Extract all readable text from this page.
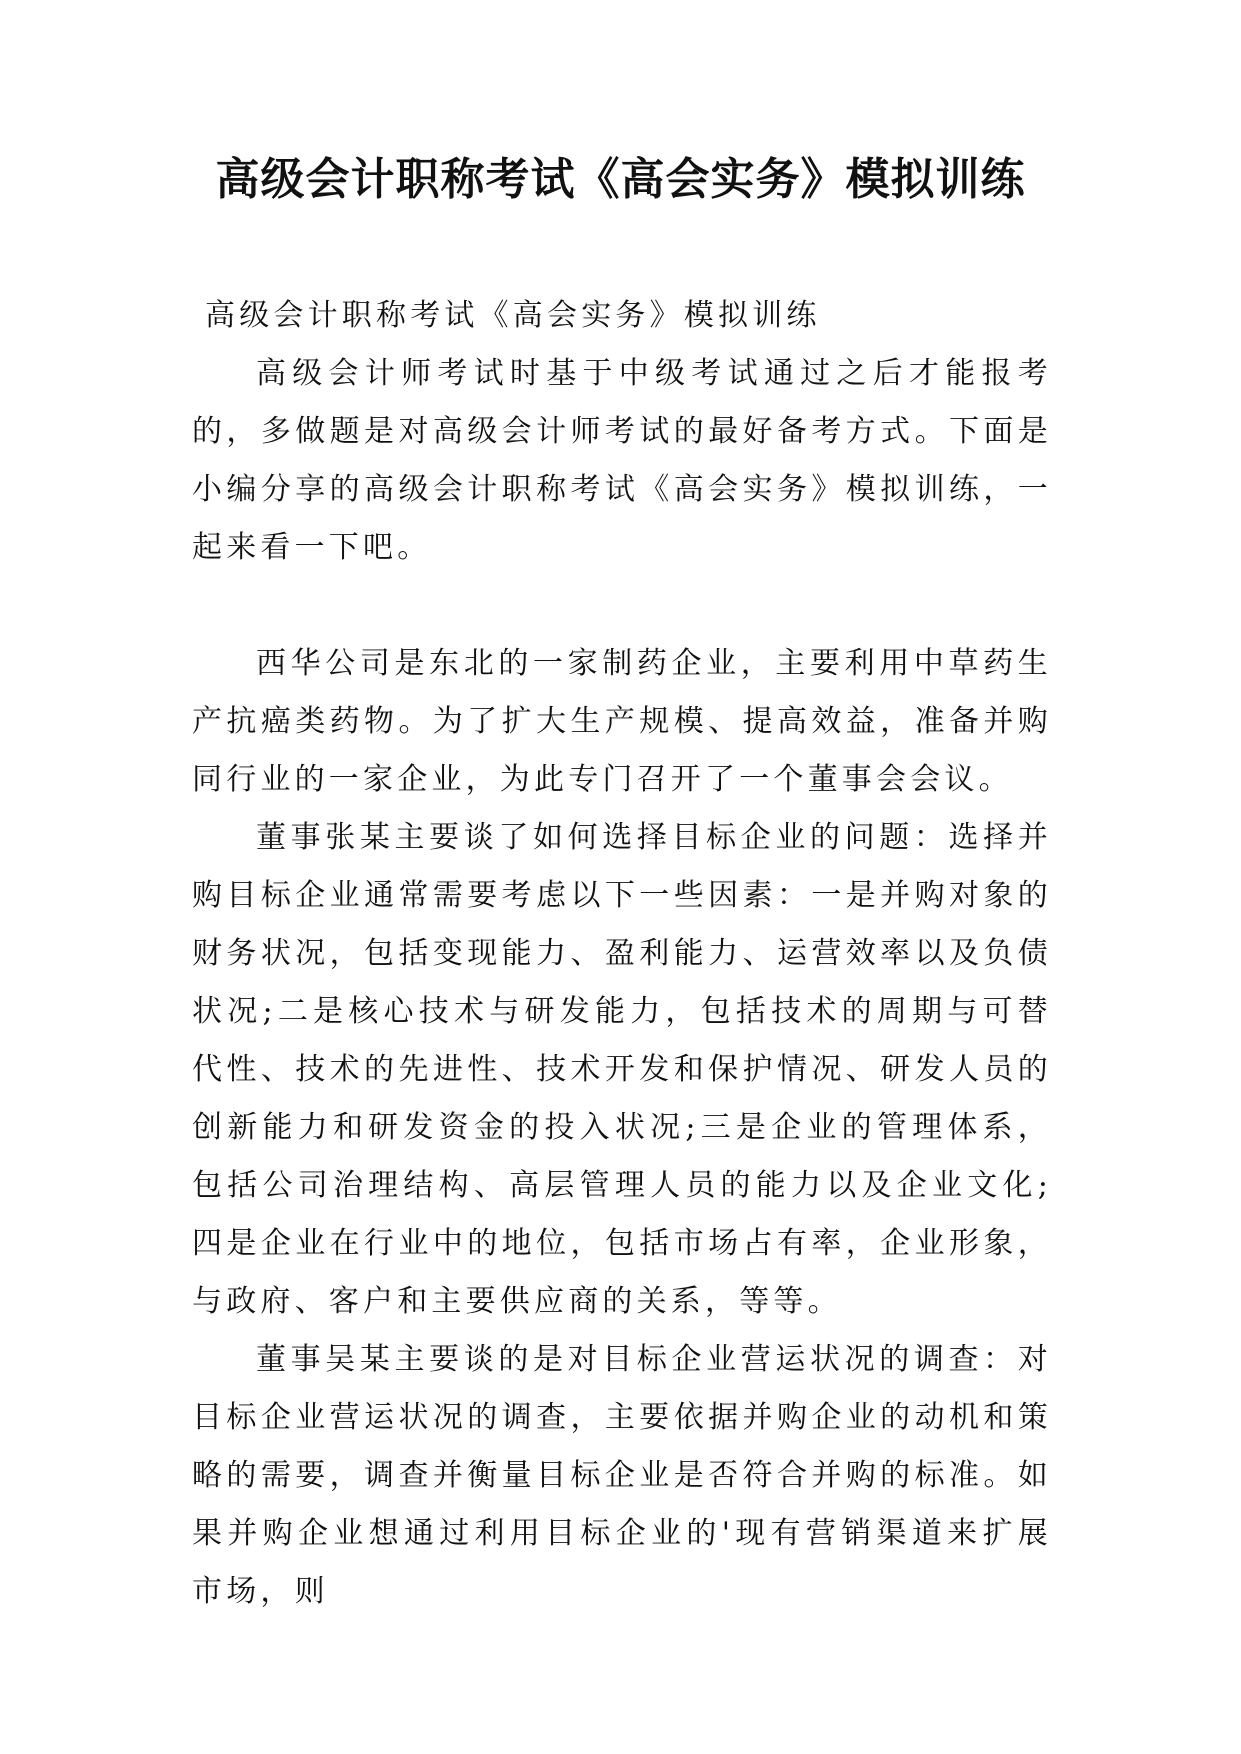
高级会计职称考试《高会实务》模拟训练
高级会计职称考试《高会实务》模拟训练
高级会计师考试时基于中级考试通过之后才能报考的，多做题是对高级会计师考试的最好备考方式。下面是小编分享的高级会计职称考试《高会实务》模拟训练，一起来看一下吧。
西华公司是东北的一家制药企业，主要利用中草药生产抗癌类药物。为了扩大生产规模、提高效益，准备并购同行业的一家企业，为此专门召开了一个董事会会议。
董事张某主要谈了如何选择目标企业的问题：选择并购目标企业通常需要考虑以下一些因素：一是并购对象的财务状况，包括变现能力、盈利能力、运营效率以及负债状况;二是核心技术与研发能力，包括技术的周期与可替代性、技术的先进性、技术开发和保护情况、研发人员的创新能力和研发资金的投入状况;三是企业的管理体系，包括公司治理结构、高层管理人员的能力以及企业文化;四是企业在行业中的地位，包括市场占有率，企业形象，与政府、客户和主要供应商的关系，等等。
董事吴某主要谈的是对目标企业营运状况的调查：对目标企业营运状况的调查，主要依据并购企业的动机和策略的需要，调查并衡量目标企业是否符合并购的标准。如果并购企业想通过利用目标企业的'现有营销渠道来扩展市场，则
